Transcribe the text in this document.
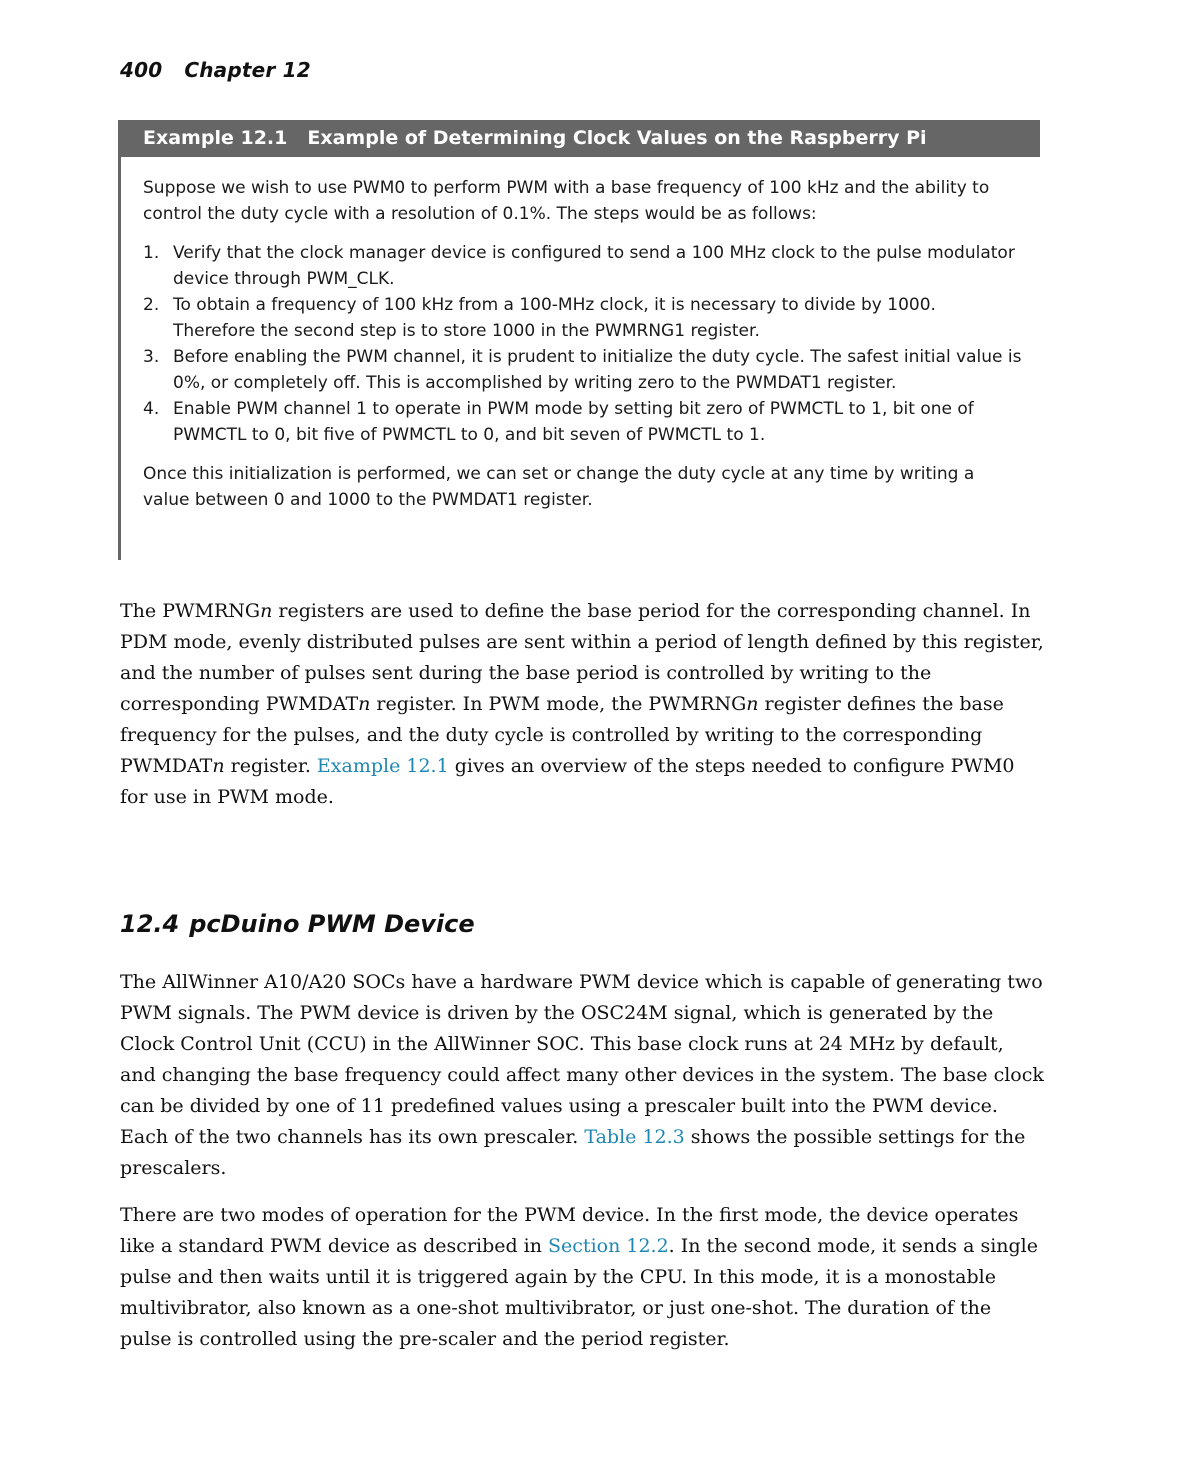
400 Chapter 12
Example 12.1 Example of Determining Clock Values on the Raspberry Pi

Suppose we wish to use PWM0 to perform PWM with a base frequency of 100 kHz and the ability to control the duty cycle with a resolution of 0.1%. The steps would be as follows:

1. Verify that the clock manager device is configured to send a 100 MHz clock to the pulse modulator device through PWM_CLK.
2. To obtain a frequency of 100 kHz from a 100-MHz clock, it is necessary to divide by 1000. Therefore the second step is to store 1000 in the PWMRNG1 register.
3. Before enabling the PWM channel, it is prudent to initialize the duty cycle. The safest initial value is 0%, or completely off. This is accomplished by writing zero to the PWMDAT1 register.
4. Enable PWM channel 1 to operate in PWM mode by setting bit zero of PWMCTL to 1, bit one of PWMCTL to 0, bit five of PWMCTL to 0, and bit seven of PWMCTL to 1.

Once this initialization is performed, we can set or change the duty cycle at any time by writing a value between 0 and 1000 to the PWMDAT1 register.

The PWMRNGn registers are used to define the base period for the corresponding channel. In PDM mode, evenly distributed pulses are sent within a period of length defined by this register, and the number of pulses sent during the base period is controlled by writing to the corresponding PWMDATn register. In PWM mode, the PWMRNGn register defines the base frequency for the pulses, and the duty cycle is controlled by writing to the corresponding PWMDATn register. Example 12.1 gives an overview of the steps needed to configure PWM0 for use in PWM mode.

12.4 pcDuino PWM Device

The AllWinner A10/A20 SOCs have a hardware PWM device which is capable of generating two PWM signals. The PWM device is driven by the OSC24M signal, which is generated by the Clock Control Unit (CCU) in the AllWinner SOC. This base clock runs at 24 MHz by default, and changing the base frequency could affect many other devices in the system. The base clock can be divided by one of 11 predefined values using a prescaler built into the PWM device. Each of the two channels has its own prescaler. Table 12.3 shows the possible settings for the prescalers.

There are two modes of operation for the PWM device. In the first mode, the device operates like a standard PWM device as described in Section 12.2. In the second mode, it sends a single pulse and then waits until it is triggered again by the CPU. In this mode, it is a monostable multivibrator, also known as a one-shot multivibrator, or just one-shot. The duration of the pulse is controlled using the pre-scaler and the period register.
